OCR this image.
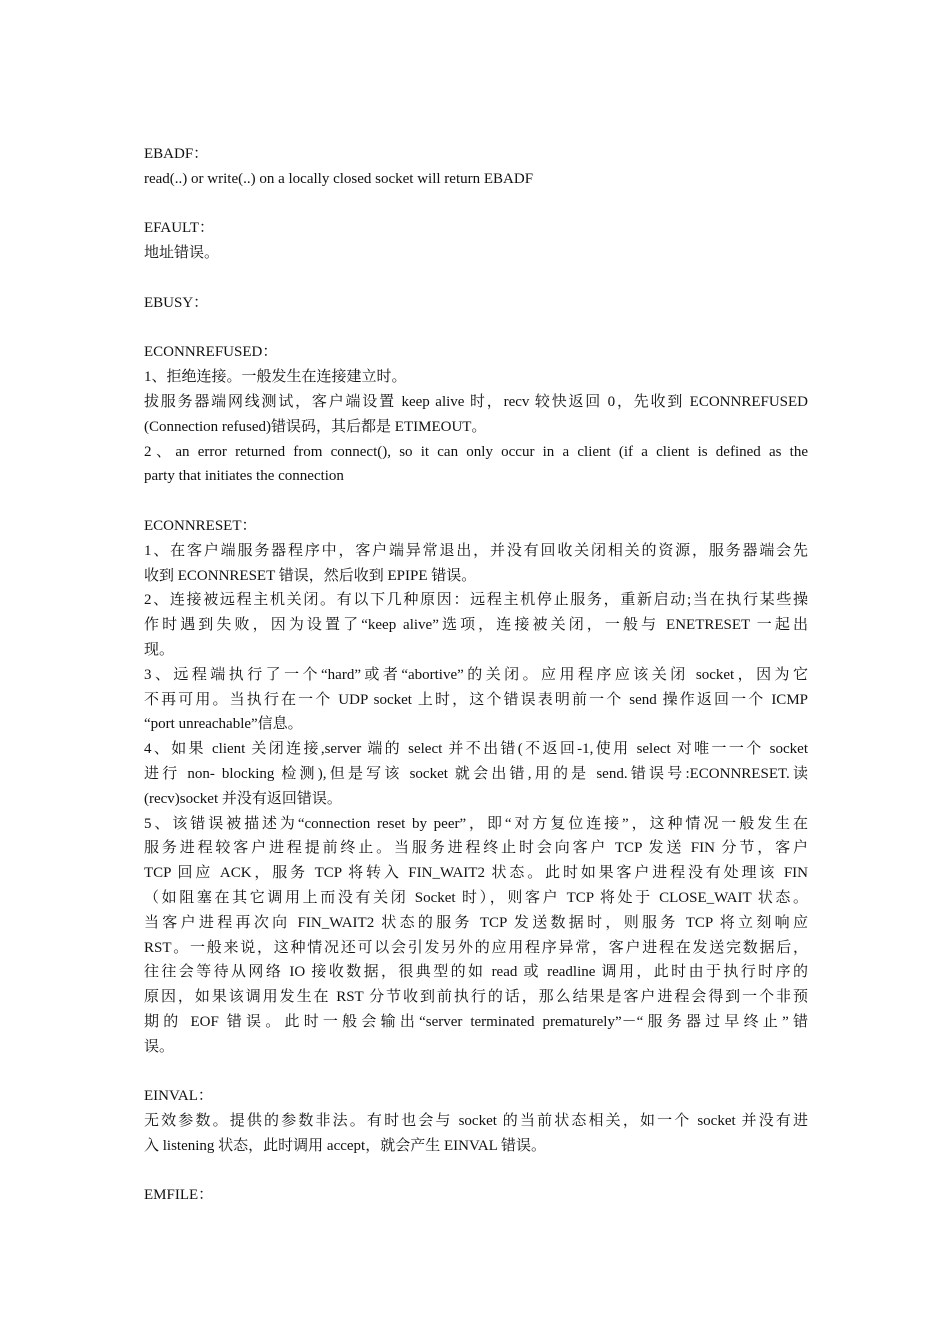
EBADF：
read(..) or write(..) on a locally closed socket will return EBADF
EFAULT：
地址错误。
EBUSY：
ECONNREFUSED：
1、拒绝连接。一般发生在连接建立时。
拔服务器端网线测试，客户端设置 keep alive 时，recv 较快返回 0，先收到 ECONNREFUSED
(Connection refused)错误码，其后都是 ETIMEOUT。
2、an error returned from connect(), so it can only occur in a client (if a client is defined as the
party that initiates the connection
ECONNRESET：
1、在客户端服务器程序中，客户端异常退出，并没有回收关闭相关的资源，服务器端会先
收到 ECONNRESET 错误，然后收到 EPIPE 错误。
2、连接被远程主机关闭。有以下几种原因：远程主机停止服务，重新启动;当在执行某些操
作时遇到失败，因为设置了“keep alive”选项，连接被关闭，一般与 ENETRESET 一起出
现。
3、远程端执行了一个“hard”或者“abortive”的关闭。应用程序应该关闭 socket，因为它
不再可用。当执行在一个 UDP socket 上时，这个错误表明前一个 send 操作返回一个 ICMP
“port unreachable”信息。
4、如果 client 关闭连接,server 端的 select 并不出错(不返回-1,使用 select 对唯一一个 socket
进行 non- blocking 检测),但是写该 socket 就会出错,用的是 send.错误号:ECONNRESET.读
(recv)socket 并没有返回错误。
5、该错误被描述为“connection reset by peer”，即“对方复位连接”，这种情况一般发生在
服务进程较客户进程提前终止。当服务进程终止时会向客户 TCP 发送 FIN 分节，客户
TCP 回应 ACK，服务 TCP 将转入 FIN_WAIT2 状态。此时如果客户进程没有处理该 FIN
（如阻塞在其它调用上而没有关闭 Socket 时），则客户 TCP 将处于 CLOSE_WAIT 状态。
当客户进程再次向 FIN_WAIT2 状态的服务 TCP 发送数据时，则服务 TCP 将立刻响应
RST。一般来说，这种情况还可以会引发另外的应用程序异常，客户进程在发送完数据后，
往往会等待从网络 IO 接收数据，很典型的如 read 或 readline 调用，此时由于执行时序的
原因，如果该调用发生在 RST 分节收到前执行的话，那么结果是客户进程会得到一个非预
期的 EOF 错误。此时一般会输出“server terminated prematurely”－“服务器过早终止”错
误。
EINVAL：
无效参数。提供的参数非法。有时也会与 socket 的当前状态相关，如一个 socket 并没有进
入 listening 状态，此时调用 accept，就会产生 EINVAL 错误。
EMFILE：
